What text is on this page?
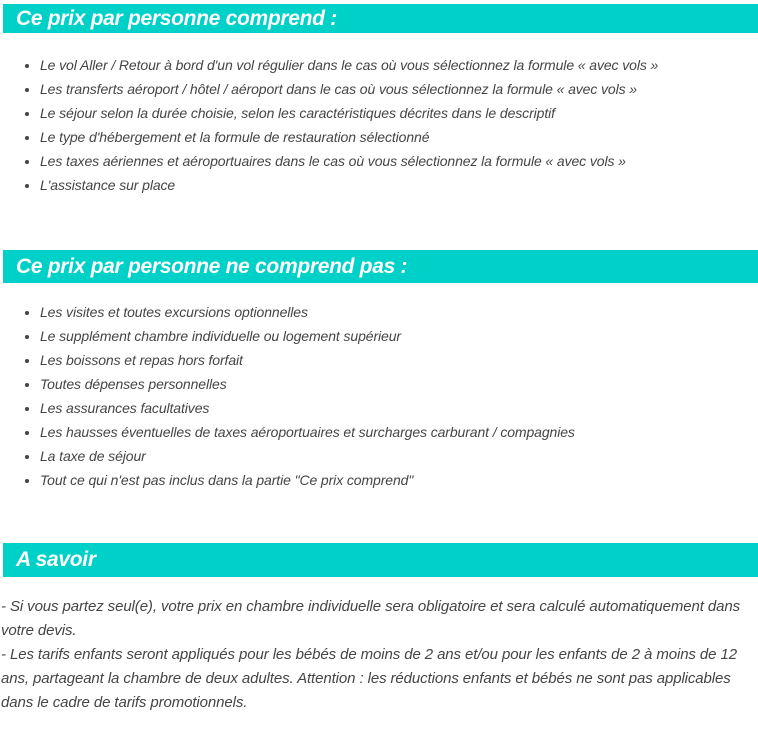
Ce prix par personne comprend :
• Le vol Aller / Retour à bord d'un vol régulier dans le cas où vous sélectionnez la formule « avec vols »
• Les transferts aéroport / hôtel / aéroport dans le cas où vous sélectionnez la formule « avec vols »
• Le séjour selon la durée choisie, selon les caractéristiques décrites dans le descriptif
• Le type d'hébergement et la formule de restauration sélectionné
• Les taxes aériennes et aéroportuaires dans le cas où vous sélectionnez la formule « avec vols »
• L'assistance sur place
Ce prix par personne ne comprend pas :
• Les visites et toutes excursions optionnelles
• Le supplément chambre individuelle ou logement supérieur
• Les boissons et repas hors forfait
• Toutes dépenses personnelles
• Les assurances facultatives
• Les hausses éventuelles de taxes aéroportuaires et surcharges carburant / compagnies
• La taxe de séjour
• Tout ce qui n'est pas inclus dans la partie "Ce prix comprend"
A savoir

- Si vous partez seul(e), votre prix en chambre individuelle sera obligatoire et sera calculé automatiquement dans votre devis.

- Les tarifs enfants seront appliqués pour les bébés de moins de 2 ans et/ou pour les enfants de 2 à moins de 12 ans, partageant la chambre de deux adultes. Attention : les réductions enfants et bébés ne sont pas applicables dans le cadre de tarifs promotionnels.
